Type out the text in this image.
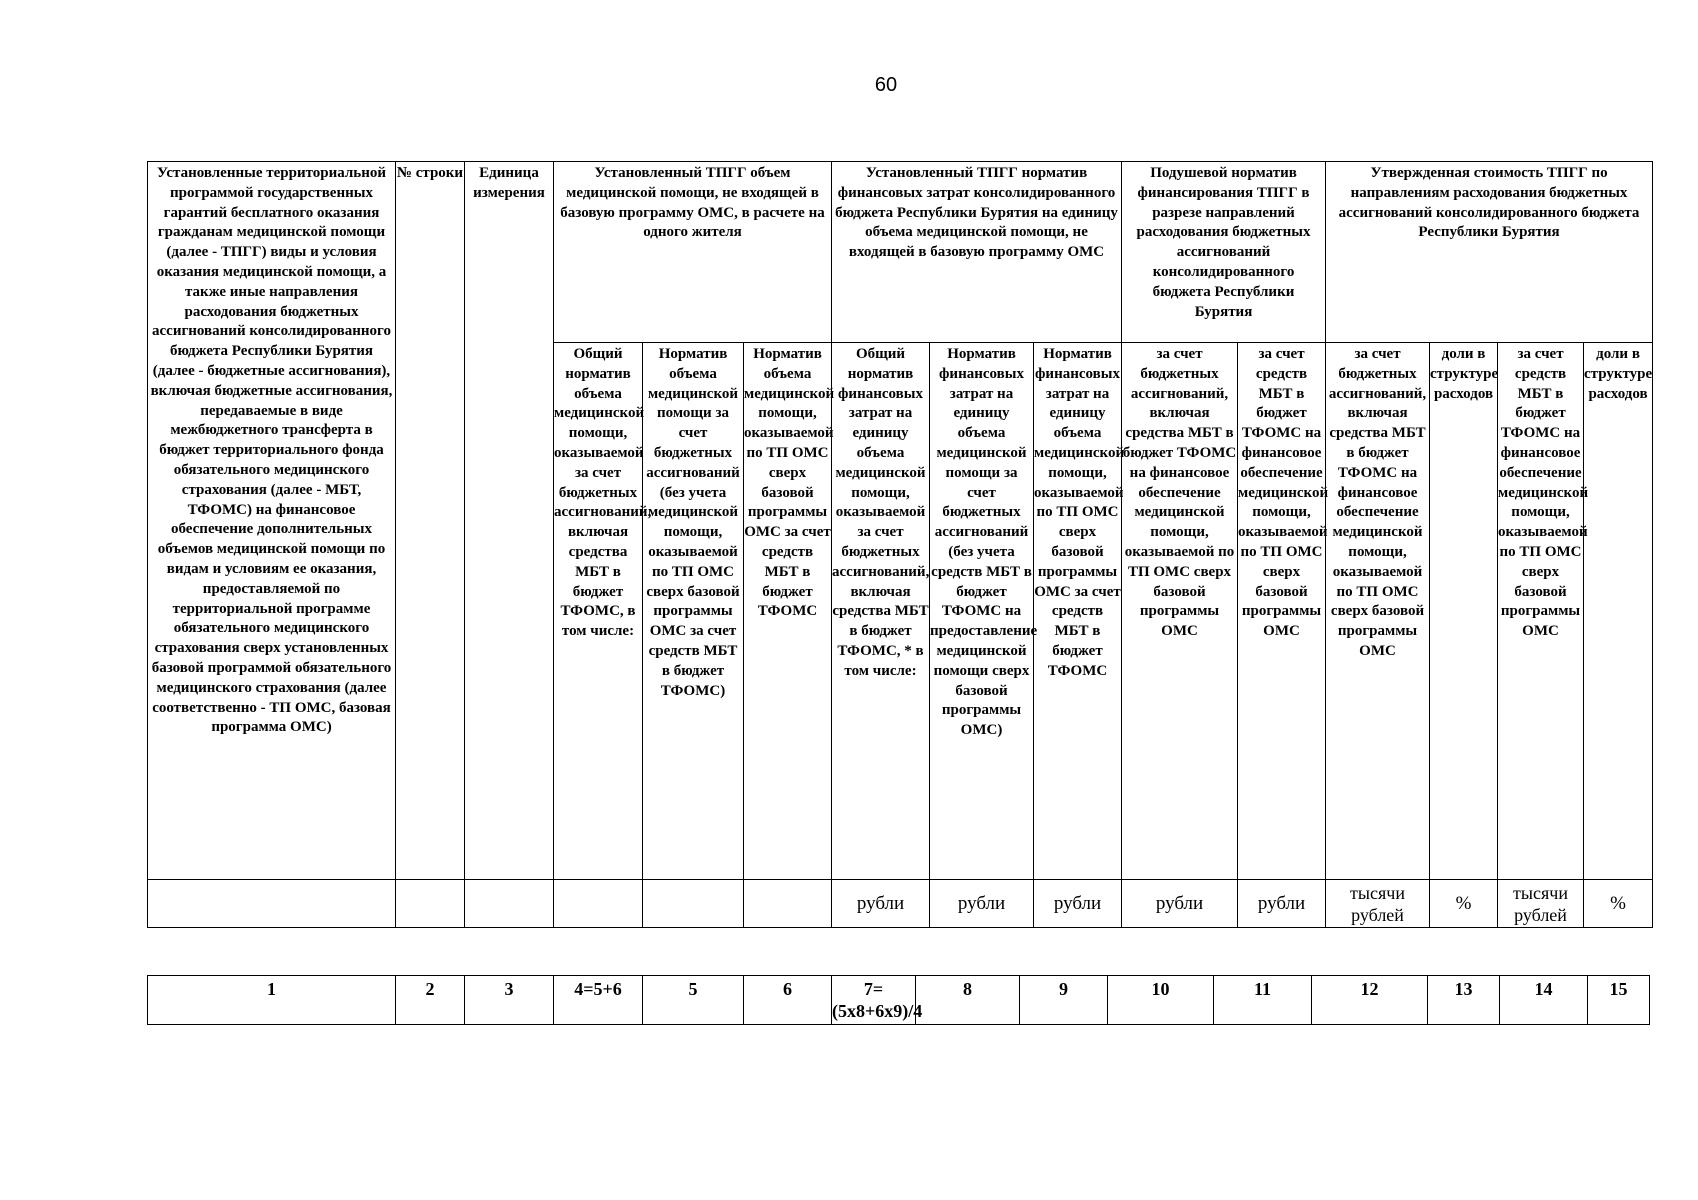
60
Установленные территориальной программой государственных гарантий бесплатного оказания гражданам медицинской помощи (далее - ТПГГ) виды и условия оказания медицинской помощи, а также иные направления расходования бюджетных ассигнований консолидированного бюджета Республики Бурятия (далее - бюджетные ассигнования), включая бюджетные ассигнования, передаваемые в виде межбюджетного трансферта в бюджет территориального фонда обязательного медицинского страхования (далее - МБТ, ТФОМС) на финансовое обеспечение дополнительных объемов медицинской помощи по видам и условиям ее оказания, предоставляемой по территориальной программе обязательного медицинского страхования сверх установленных базовой программой обязательного медицинского страхования (далее соответственно - ТП ОМС, базовая программа ОМС)	№ строки	Единица измерения	Установленный ТПГГ объем медицинской помощи, не входящей в базовую программу ОМС, в расчете на одного жителя			Установленный ТПГГ норматив финансовых затрат консолидированного бюджета Республики Бурятия на единицу объема медицинской помощи, не входящей в базовую программу ОМС			Подушевой норматив финансирования ТПГГ в разрезе направлений расходования бюджетных ассигнований консолидированного бюджета Республики Бурятия		Утвержденная стоимость ТПГГ по направлениям расходования бюджетных ассигнований консолидированного бюджета Республики Бурятия			
			Общий норматив объема медицинской помощи, оказываемой за счет бюджетных ассигнований, включая средства МБТ в бюджет ТФОМС, в том числе:	Норматив объема медицинской помощи за счет бюджетных ассигнований (без учета медицинской помощи, оказываемой по ТП ОМС сверх базовой программы ОМС за счет средств МБТ в бюджет ТФОМС)	Норматив объема медицинской помощи, оказываемой по ТП ОМС сверх базовой программы ОМС за счет средств МБТ в бюджет ТФОМС	Общий норматив финансовых затрат на единицу объема медицинской помощи, оказываемой за счет бюджетных ассигнований, включая средства МБТ в бюджет ТФОМС, * в том числе:	Норматив финансовых затрат на единицу объема медицинской помощи за счет бюджетных ассигнований (без учета средств МБТ в бюджет ТФОМС на предоставление медицинской помощи сверх базовой программы ОМС)	Норматив финансовых затрат на единицу объема медицинской помощи, оказываемой по ТП ОМС сверх базовой программы ОМС за счет средств МБТ в бюджет ТФОМС	за счет бюджетных ассигнований, включая средства МБТ в бюджет ТФОМС на финансовое обеспечение медицинской помощи, оказываемой по ТП ОМС сверх базовой программы ОМС	за счет средств МБТ в бюджет ТФОМС на финансовое обеспечение медицинской помощи, оказываемой по ТП ОМС сверх базовой программы ОМС	за счет бюджетных ассигнований, включая средства МБТ в бюджет ТФОМС на финансовое обеспечение медицинской помощи, оказываемой по ТП ОМС сверх базовой программы ОМС	доли в структуре расходов	за счет средств МБТ в бюджет ТФОМС на финансовое обеспечение медицинской помощи, оказываемой по ТП ОМС сверх базовой программы ОМС	доли в структуре расходов
						рубли	рубли	рубли	рубли	рубли	тысячи рублей	%	тысячи рублей	%
1	2	3	4=5+6	5	6	7=(5x8+6x9)/4	8	9	10	11	12	13	14	15
